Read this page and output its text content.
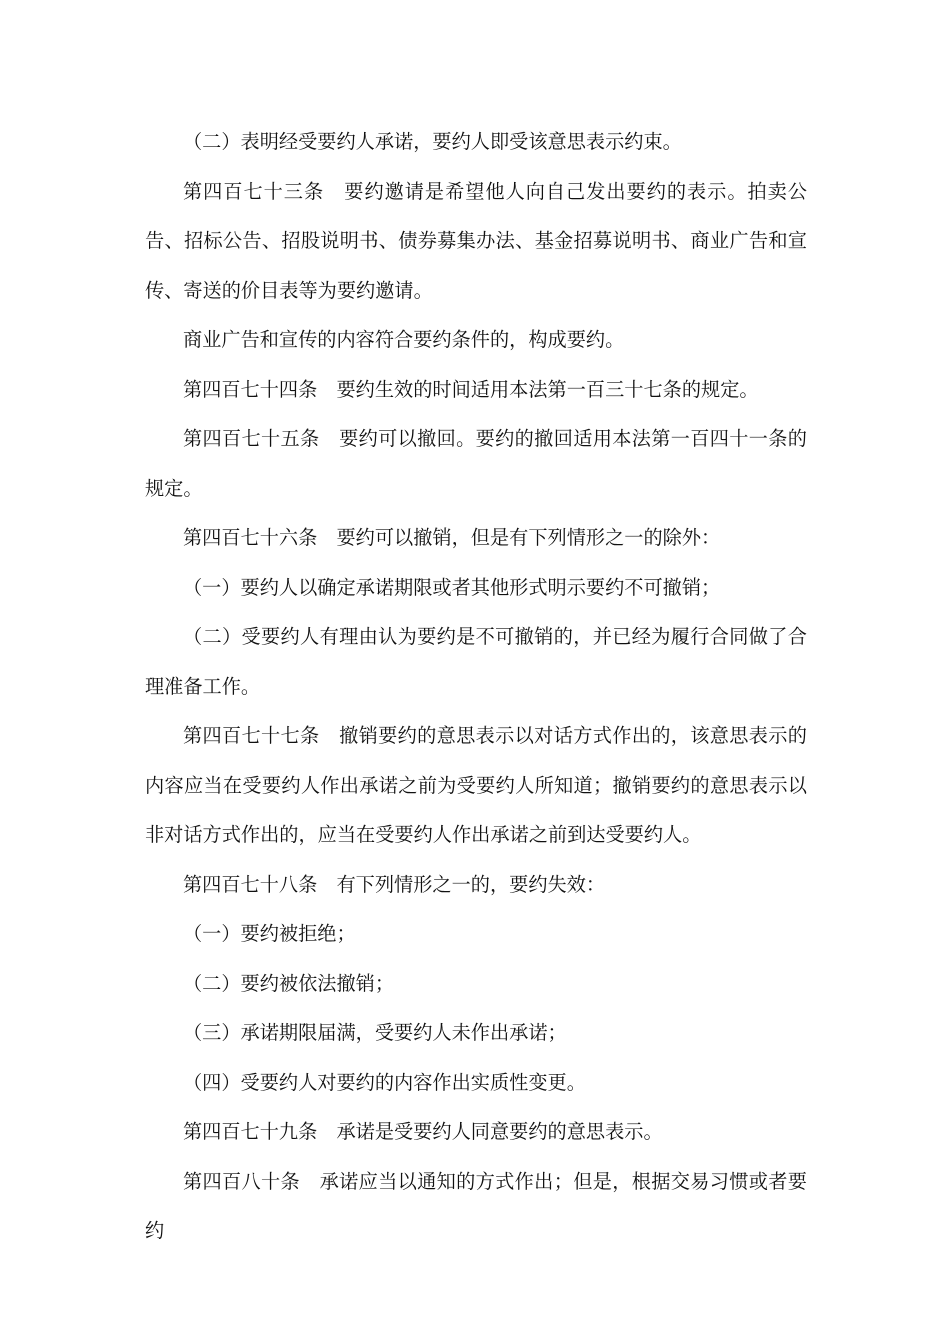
（二）表明经受要约人承诺，要约人即受该意思表示约束。

第四百七十三条　要约邀请是希望他人向自己发出要约的表示。拍卖公告、招标公告、招股说明书、债券募集办法、基金招募说明书、商业广告和宣传、寄送的价目表等为要约邀请。

商业广告和宣传的内容符合要约条件的，构成要约。

第四百七十四条　要约生效的时间适用本法第一百三十七条的规定。

第四百七十五条　要约可以撤回。要约的撤回适用本法第一百四十一条的规定。

第四百七十六条　要约可以撤销，但是有下列情形之一的除外：

（一）要约人以确定承诺期限或者其他形式明示要约不可撤销；

（二）受要约人有理由认为要约是不可撤销的，并已经为履行合同做了合理准备工作。

第四百七十七条　撤销要约的意思表示以对话方式作出的，该意思表示的内容应当在受要约人作出承诺之前为受要约人所知道；撤销要约的意思表示以非对话方式作出的，应当在受要约人作出承诺之前到达受要约人。

第四百七十八条　有下列情形之一的，要约失效：

（一）要约被拒绝；

（二）要约被依法撤销；

（三）承诺期限届满，受要约人未作出承诺；

（四）受要约人对要约的内容作出实质性变更。

第四百七十九条　承诺是受要约人同意要约的意思表示。

第四百八十条　承诺应当以通知的方式作出；但是，根据交易习惯或者要约
